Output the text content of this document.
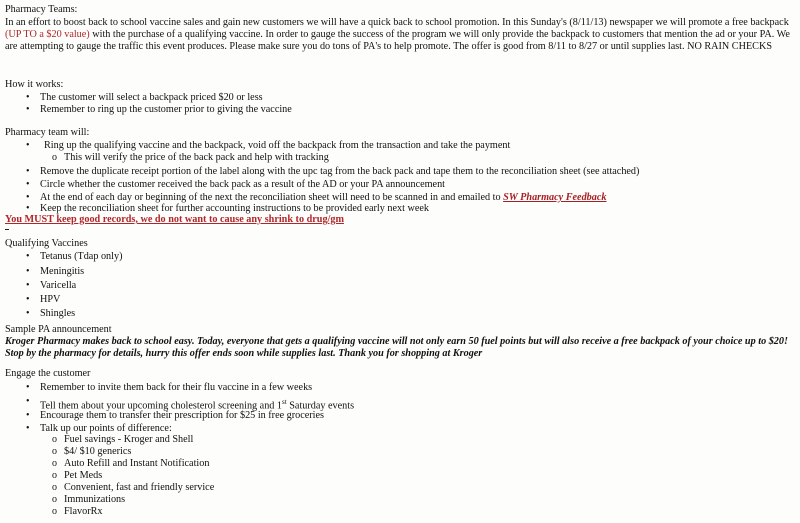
Pharmacy Teams:
In an effort to boost back to school vaccine sales and gain new customers we will have a quick back to school promotion. In this Sunday's (8/11/13) newspaper we will promote a free backpack (UP TO a $20 value) with the purchase of a qualifying vaccine. In order to gauge the success of the program we will only provide the backpack to customers that mention the ad or your PA. We are attempting to gauge the traffic this event produces. Please make sure you do tons of PA's to help promote. The offer is good from 8/11 to 8/27 or until supplies last. NO RAIN CHECKS
How it works:
• The customer will select a backpack priced $20 or less
• Remember to ring up the customer prior to giving the vaccine
Pharmacy team will:
• Ring up the qualifying vaccine and the backpack, void off the backpack from the transaction and take the payment
o This will verify the price of the back pack and help with tracking
• Remove the duplicate receipt portion of the label along with the upc tag from the back pack and tape them to the reconciliation sheet (see attached)
• Circle whether the customer received the back pack as a result of the AD or your PA announcement
• At the end of each day or beginning of the next the reconciliation sheet will need to be scanned in and emailed to SW Pharmacy Feedback
• Keep the reconciliation sheet for further accounting instructions to be provided early next week
You MUST keep good records, we do not want to cause any shrink to drug/gm
Qualifying Vaccines
• Tetanus (Tdap only)
• Meningitis
• Varicella
• HPV
• Shingles
Sample PA announcement
Kroger Pharmacy makes back to school easy. Today, everyone that gets a qualifying vaccine will not only earn 50 fuel points but will also receive a free backpack of your choice up to $20! Stop by the pharmacy for details, hurry this offer ends soon while supplies last. Thank you for shopping at Kroger
Engage the customer
• Remember to invite them back for their flu vaccine in a few weeks
• Tell them about your upcoming cholesterol screening and 1st Saturday events
• Encourage them to transfer their prescription for $25 in free groceries
• Talk up our points of difference:
o Fuel savings - Kroger and Shell
o $4/ $10 generics
o Auto Refill and Instant Notification
o Pet Meds
o Convenient, fast and friendly service
o Immunizations
o FlavorRx
